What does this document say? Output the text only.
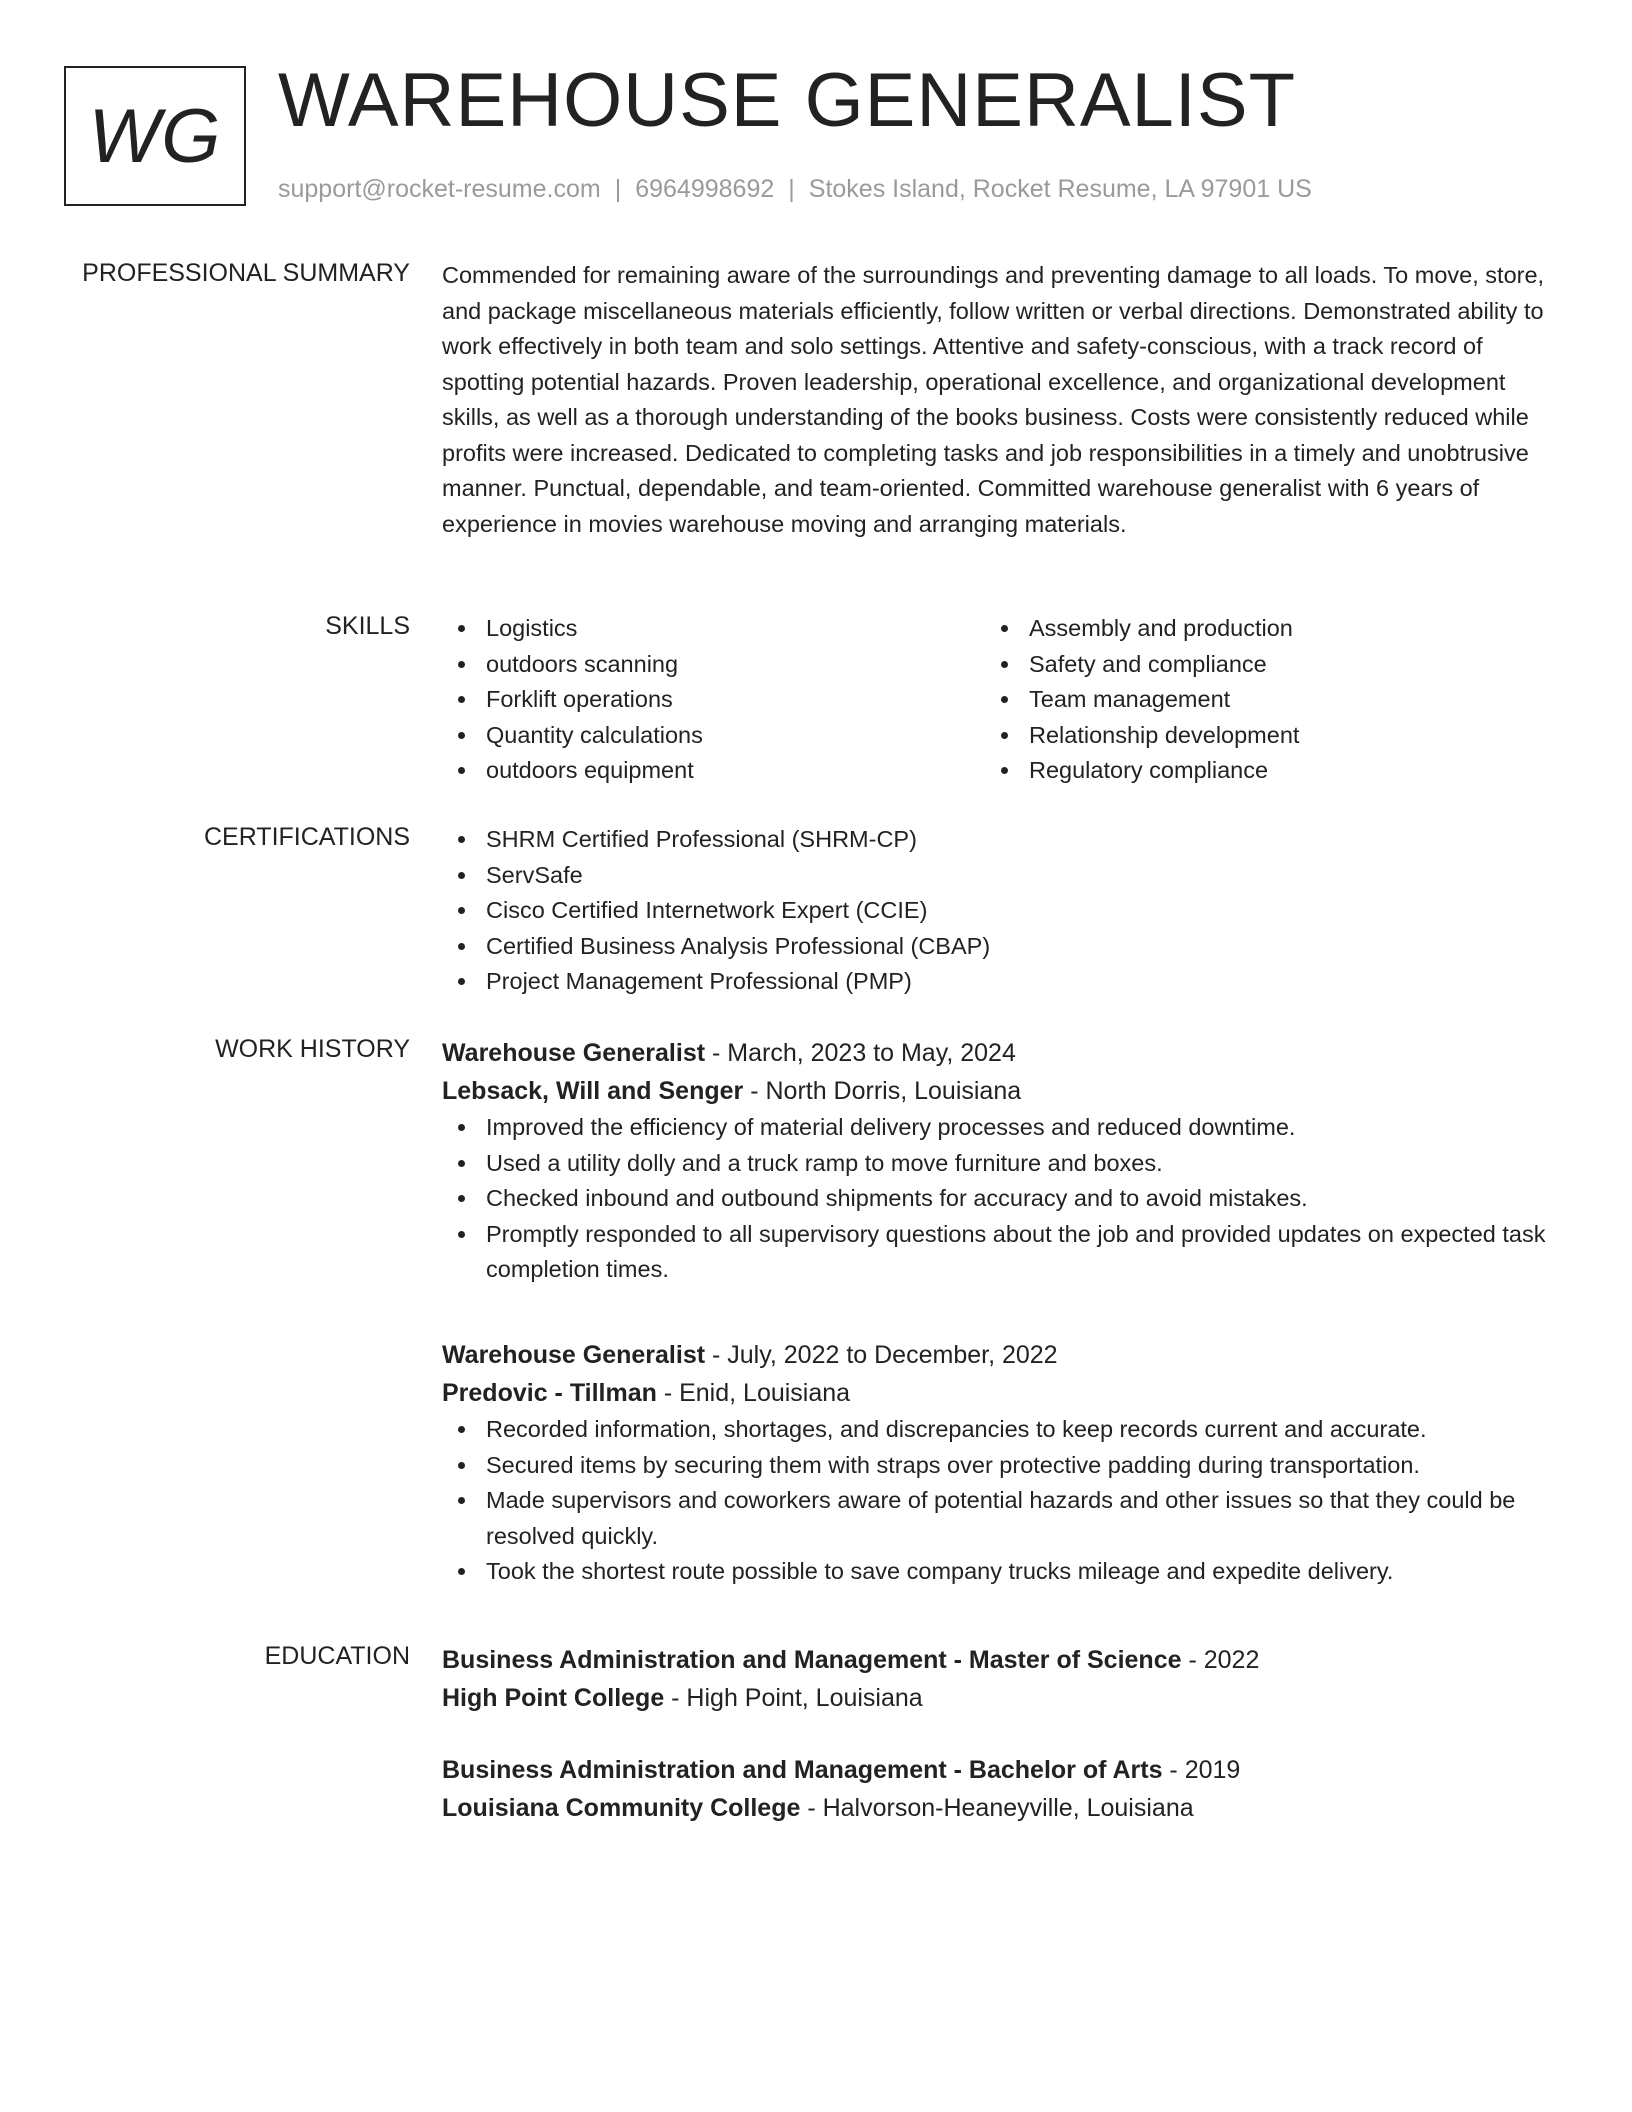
WG WAREHOUSE GENERALIST
support@rocket-resume.com | 6964998692 | Stokes Island, Rocket Resume, LA 97901 US
PROFESSIONAL SUMMARY Commended for remaining aware of the surroundings and preventing damage to all loads. To move, store, and package miscellaneous materials efficiently, follow written or verbal directions. Demonstrated ability to work effectively in both team and solo settings. Attentive and safety-conscious, with a track record of spotting potential hazards. Proven leadership, operational excellence, and organizational development skills, as well as a thorough understanding of the books business. Costs were consistently reduced while profits were increased. Dedicated to completing tasks and job responsibilities in a timely and unobtrusive manner. Punctual, dependable, and team-oriented. Committed warehouse generalist with 6 years of experience in movies warehouse moving and arranging materials.

SKILLS	Logistics
outdoors scanning
Forklift operations
Quantity calculations
outdoors equipment
Assembly and production
Safety and compliance
Team management
Relationship development
Regulatory compliance
CERTIFICATIONS	SHRM Certified Professional (SHRM-CP)
ServSafe
Cisco Certified Internetwork Expert (CCIE)
Certified Business Analysis Professional (CBAP)
Project Management Professional (PMP)
WORK HISTORY Warehouse Generalist - March, 2023 to May, 2024
Lebsack, Will and Senger - North Dorris, Louisiana
Improved the efficiency of material delivery processes and reduced downtime.
Used a utility dolly and a truck ramp to move furniture and boxes.
Checked inbound and outbound shipments for accuracy and to avoid mistakes.
Promptly responded to all supervisory questions about the job and provided updates on expected task completion times.
Warehouse Generalist - July, 2022 to December, 2022
Predovic - Tillman - Enid, Louisiana
Recorded information, shortages, and discrepancies to keep records current and accurate.
Secured items by securing them with straps over protective padding during transportation.
Made supervisors and coworkers aware of potential hazards and other issues so that they could be resolved quickly.
Took the shortest route possible to save company trucks mileage and expedite delivery.
EDUCATION Business Administration and Management - Master of Science - 2022
High Point College - High Point, Louisiana
Business Administration and Management - Bachelor of Arts - 2019
Louisiana Community College - Halvorson-Heaneyville, Louisiana
